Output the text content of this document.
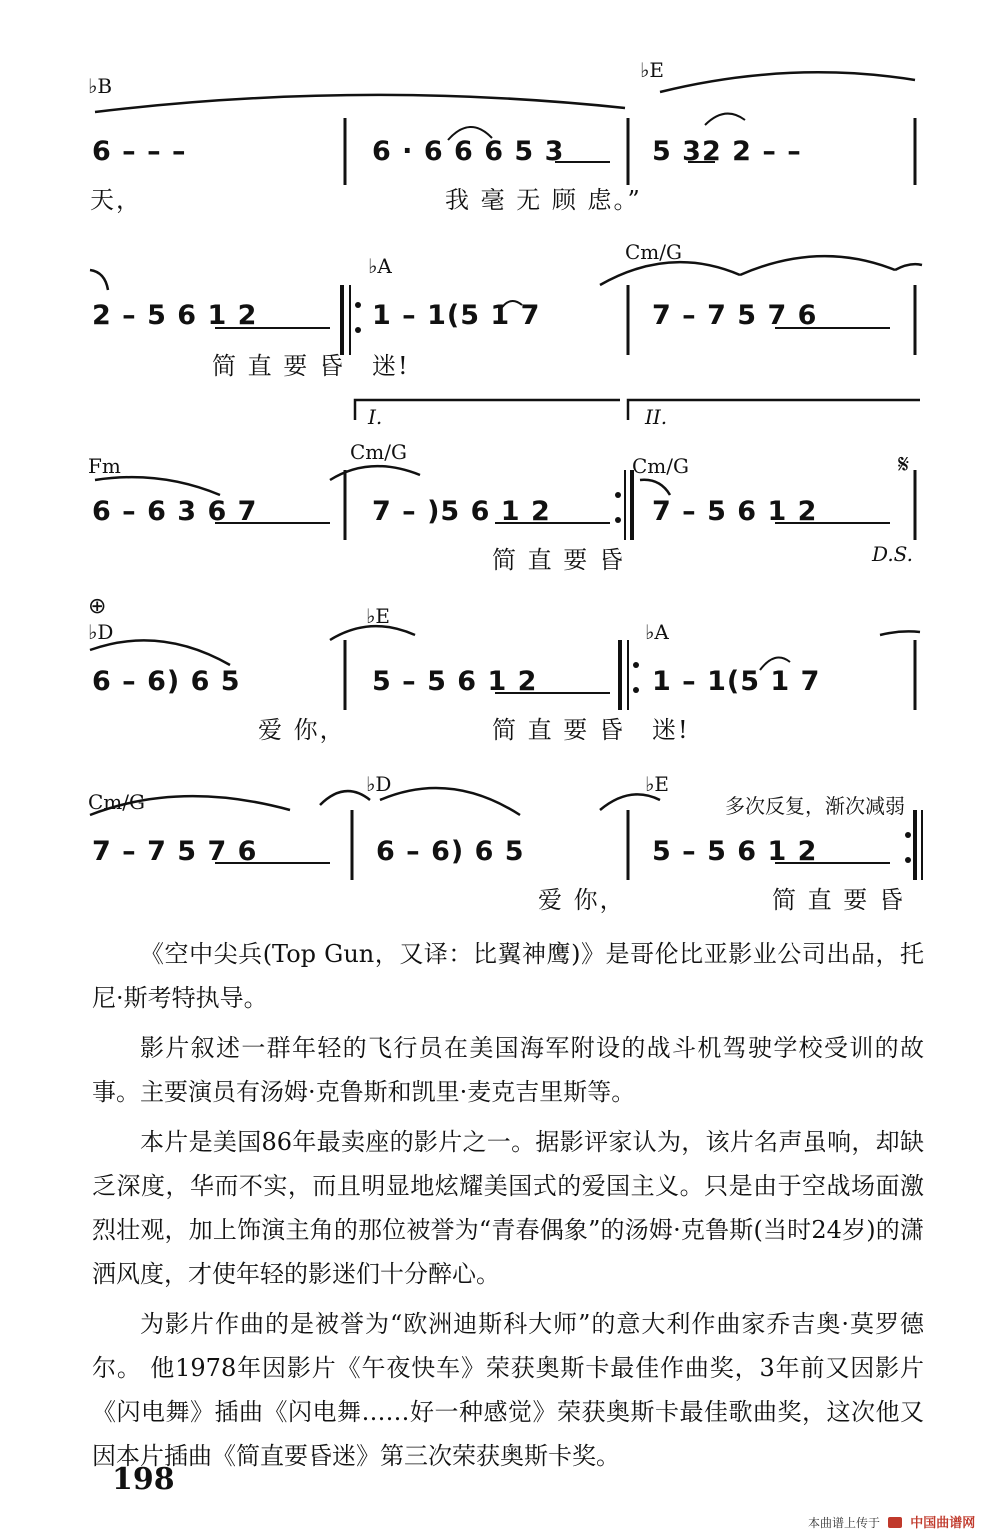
♭B
♭E
6 – – –	6 · 6 6 6 5 3	5 32 2 – –
天，	我 毫 无 顾 虑。”
♭A
Cm/G
2 – 5 6 1 2	1 – 1(5 1 7	7 – 7 5 7 6
简 直 要 昏 迷!
I.	II.
Fm
Cm/G
Cm/G	𝄋
6 – 6 3 6 7	7 – )5 6 1 2	7 – 5 6 1 2
简 直 要 昏	D.S.
⊕
♭D
♭E
♭A
6 – 6) 6 5	5 – 5 6 1 2	1 – 1(5 1 7
爱 你，	简 直 要 昏 迷!
Cm/G
♭D	♭E
多次反复，渐次减弱
7 – 7 5 7 6	6 – 6) 6 5	5 – 5 6 1 2
爱 你，	简 直 要 昏

《空中尖兵(Top Gun，又译：比翼神鹰)》是哥伦比亚影业公司出品，托尼·斯考特执导。

影片叙述一群年轻的飞行员在美国海军附设的战斗机驾驶学校受训的故事。主要演员有汤姆·克鲁斯和凯里·麦克吉里斯等。

本片是美国86年最卖座的影片之一。据影评家认为，该片名声虽响，却缺乏深度，华而不实，而且明显地炫耀美国式的爱国主义。只是由于空战场面激烈壮观，加上饰演主角的那位被誉为“青春偶象”的汤姆·克鲁斯(当时24岁)的潇洒风度，才使年轻的影迷们十分醉心。

为影片作曲的是被誉为“欧洲迪斯科大师”的意大利作曲家乔吉奥·莫罗德尔。 他1978年因影片《午夜快车》荣获奥斯卡最佳作曲奖，3年前又因影片《闪电舞》插曲《闪电舞……好一种感觉》荣获奥斯卡最佳歌曲奖，这次他又因本片插曲《简直要昏迷》第三次荣获奥斯卡奖。

198
本曲谱上传于 中国曲谱网
